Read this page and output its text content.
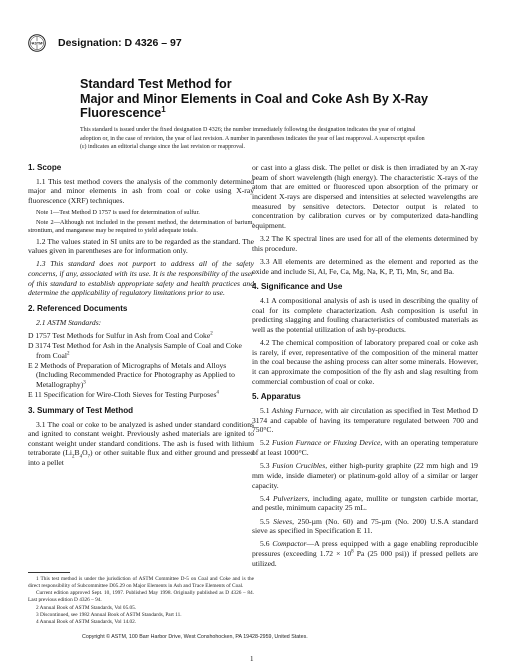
ASTM Designation: D 4326 – 97
Standard Test Method for
Major and Minor Elements in Coal and Coke Ash By X-Ray
Fluorescence$^1$
This standard is issued under the fixed designation D 4326; the number immediately following the designation indicates the year of original adoption or, in the case of revision, the year of last revision. A number in parentheses indicates the year of last reapproval. A superscript epsilon (ε) indicates an editorial change since the last revision or reapproval.
1. Scope

1.1 This test method covers the analysis of the commonly determined major and minor elements in ash from coal or coke using X-ray fluorescence (XRF) techniques.

Note 1—Test Method D 1757 is used for determination of sulfur.

Note 2—Although not included in the present method, the determination of barium, strontium, and manganese may be required to yield adequate totals.

1.2 The values stated in SI units are to be regarded as the standard. The values given in parentheses are for information only.

1.3 This standard does not purport to address all of the safety concerns, if any, associated with its use. It is the responsibility of the user of this standard to establish appropriate safety and health practices and determine the applicability of regulatory limitations prior to use.

2. Referenced Documents

2.1 ASTM Standards:

D 1757 Test Methods for Sulfur in Ash from Coal and Coke$^2$

D 3174 Test Method for Ash in the Analysis Sample of Coal and Coke from Coal$^2$

E 2 Methods of Preparation of Micrographs of Metals and Alloys (Including Recommended Practice for Photography as Applied to Metallography)$^3$

E 11 Specification for Wire-Cloth Sieves for Testing Purposes$^4$

3. Summary of Test Method

3.1 The coal or coke to be analyzed is ashed under standard conditions and ignited to constant weight. Previously ashed materials are ignited to constant weight under standard conditions. The ash is fused with lithium tetraborate $(Li_2B_4O_7)$ or other suitable flux and either ground and pressed into a pellet

1 This test method is under the jurisdiction of ASTM Committee D-5 on Coal and Coke and is the direct responsibility of Subcommittee D05.29 on Major Elements in Ash and Trace Elements of Coal.

Current edition approved Sept. 10, 1997. Published May 1998. Originally published as D 4326 – 84. Last previous edition D 4326 – 94.

2 Annual Book of ASTM Standards, Vol 05.05.

3 Discontinued, see 1982 Annual Book of ASTM Standards, Part 11.

4 Annual Book of ASTM Standards, Vol 14.02.

or cast into a glass disk. The pellet or disk is then irradiated by an X-ray beam of short wavelength (high energy). The characteristic X-rays of the atom that are emitted or fluoresced upon absorption of the primary or incident X-rays are dispersed and intensities at selected wavelengths are measured by sensitive detectors. Detector output is related to concentration by calibration curves or by computerized data-handling equipment.

3.2 The K spectral lines are used for all of the elements determined by this procedure.

3.3 All elements are determined as the element and reported as the oxide and include Si, Al, Fe, Ca, Mg, Na, K, P, Ti, Mn, Sr, and Ba.

4. Significance and Use

4.1 A compositional analysis of ash is used in describing the quality of coal for its complete characterization. Ash composition is useful in predicting slagging and fouling characteristics of combusted materials as well as the potential utilization of ash by-products.

4.2 The chemical composition of laboratory prepared coal or coke ash is rarely, if ever, representative of the composition of the mineral matter in the coal because the ashing process can alter some minerals. However, it can approximate the composition of the fly ash and slag resulting from commercial combustion of coal or coke.

5. Apparatus

5.1 Ashing Furnace, with air circulation as specified in Test Method D 3174 and capable of having its temperature regulated between 700 and 750°C.

5.2 Fusion Furnace or Fluxing Device, with an operating temperature of at least 1000°C.

5.3 Fusion Crucibles, either high-purity graphite (22 mm high and 19 mm wide, inside diameter) or platinum-gold alloy of a similar or larger capacity.

5.4 Pulverizers, including agate, mullite or tungsten carbide mortar, and pestle, minimum capacity 25 mL.

5.5 Sieves, 250-µm (No. 60) and 75-µm (No. 200) U.S.A standard sieve as specified in Specification E 11.

5.6 Compactor—A press equipped with a gage enabling reproducible pressures (exceeding $1.72 \times 10^8$ Pa (25 000 psi)) if pressed pellets are utilized.

Copyright © ASTM, 100 Barr Harbor Drive, West Conshohocken, PA 19428-2959, United States.
1
